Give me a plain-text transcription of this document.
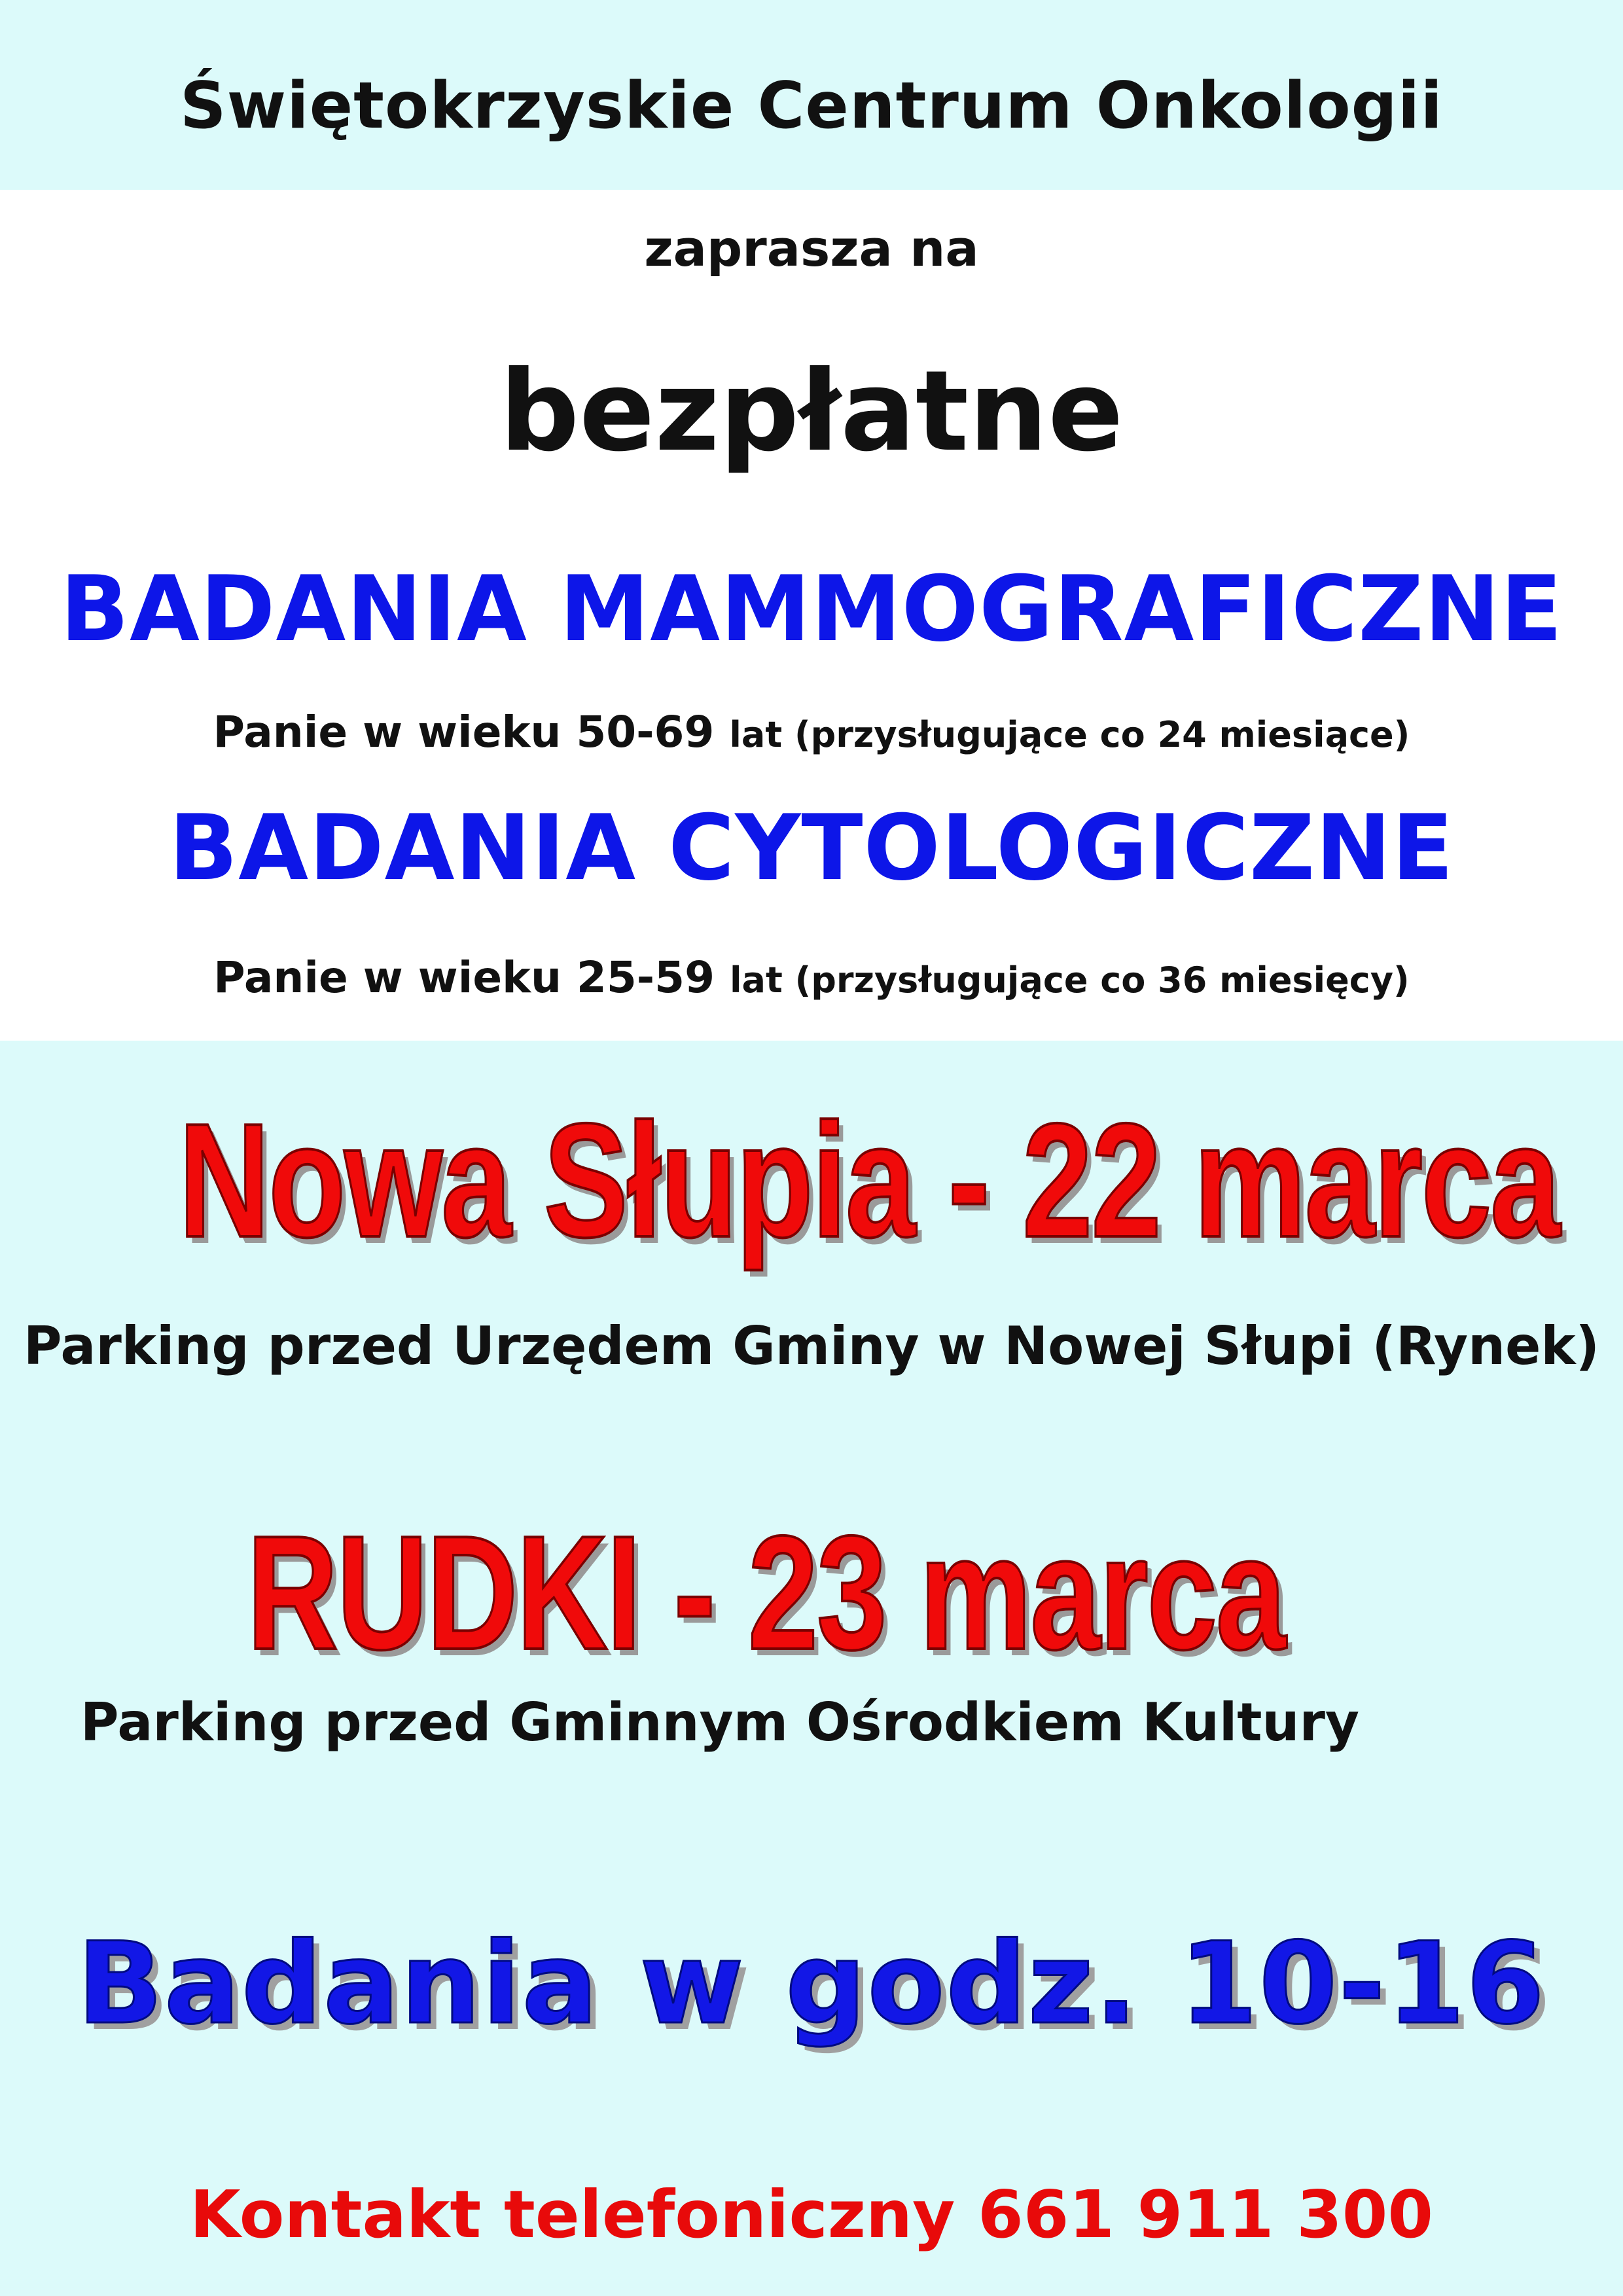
Świętokrzyskie Centrum Onkologii
zaprasza na
bezpłatne
BADANIA MAMMOGRAFICZNE
Panie w wieku 50-69 lat (przysługujące co 24 miesiące)
BADANIA CYTOLOGICZNE
Panie w wieku 25-59 lat (przysługujące co 36 miesięcy)
Nowa Słupia - 22 marca
Parking przed Urzędem Gminy w Nowej Słupi (Rynek)
RUDKI - 23 marca
Parking przed Gminnym Ośrodkiem Kultury
Badania w godz. 10-16
Kontakt telefoniczny 661 911 300
